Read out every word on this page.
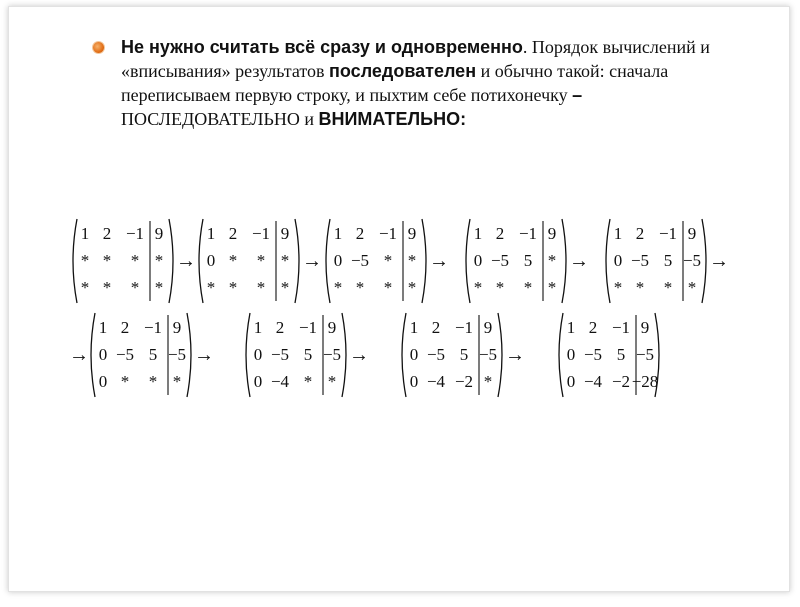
Не нужно считать всё сразу и одновременно. Порядок вычислений и «вписывания» результатов последователен и обычно такой: сначала переписываем первую строку, и пыхтим себе потихонечку – ПОСЛЕДОВАТЕЛЬНО и ВНИМАТЕЛЬНО:
1 2 −1 9
* * * *
* * * *
→
1 2 −1 9
0 * * *
* * * *
→
1 2 −1 9
0 −5 * *
* * * *
→
1 2 −1 9
0 −5 5 *
* * * *
→
1 2 −1 9
0 −5 5 −5
* * * *
→
1 2 −1 9
0 −5 5 −5
0 * * *
→	→
1 2 −1 9
0 −5 5 −5
0 −4 * *
→
1 2 −1 9
0 −5 5 −5
0 −4 −2 *
→
1 2 −1 9
0 −5 5 −5
0 −4 −2 −28
